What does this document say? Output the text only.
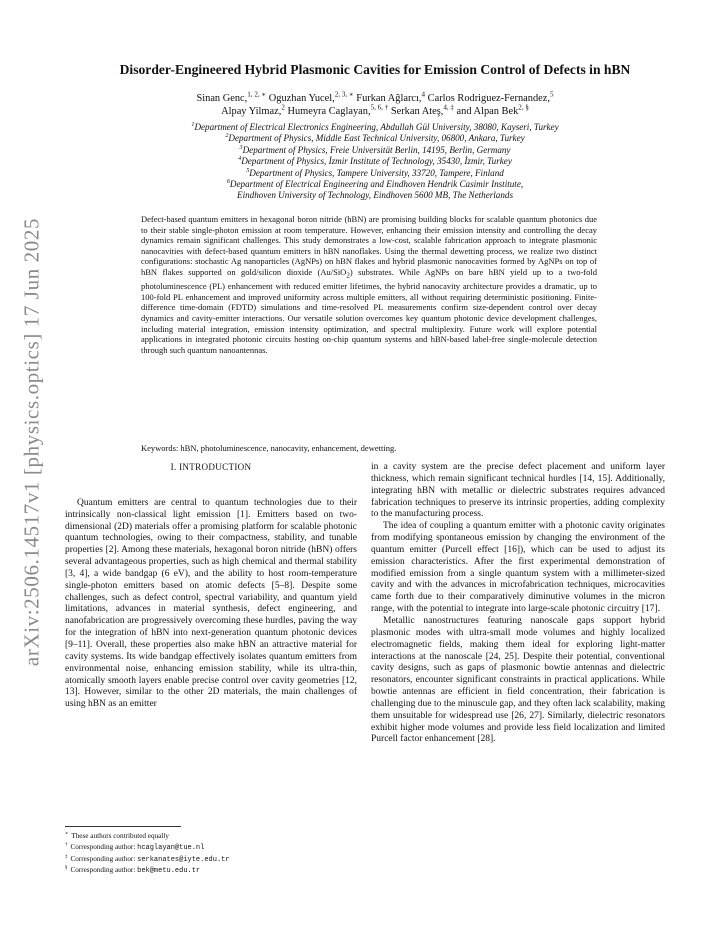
arXiv:2506.14517v1 [physics.optics] 17 Jun 2025
Disorder-Engineered Hybrid Plasmonic Cavities for Emission Control of Defects in hBN
Sinan Genc,$^{1, 2, ∗}$ Oguzhan Yucel,$^{2, 3, ∗}$ Furkan Ağlarcı,$^4$ Carlos Rodriguez-Fernandez,$^5$
Alpay Yilmaz,$^2$ Humeyra Caglayan,$^{5, 6, \dagger}$ Serkan Ateş,$^{4, \ddagger}$ and Alpan Bek$^{2, \S}$
$^1$Department of Electrical Electronics Engineering, Abdullah Gül University, 38080, Kayseri, Turkey
$^2$Department of Physics, Middle East Technical University, 06800, Ankara, Turkey
$^3$Department of Physics, Freie Universität Berlin, 14195, Berlin, Germany
$^4$Department of Physics, İzmir Institute of Technology, 35430, İzmir, Turkey
$^5$Department of Physics, Tampere University, 33720, Tampere, Finland
$^6$Department of Electrical Engineering and Eindhoven Hendrik Casimir Institute,
Eindhoven University of Technology, Eindhoven 5600 MB, The Netherlands
Defect-based quantum emitters in hexagonal boron nitride (hBN) are promising building blocks for scalable quantum photonics due to their stable single-photon emission at room temperature. However, enhancing their emission intensity and controlling the decay dynamics remain significant challenges. This study demonstrates a low-cost, scalable fabrication approach to integrate plasmonic nanocavities with defect-based quantum emitters in hBN nanoflakes. Using the thermal dewetting process, we realize two distinct configurations: stochastic Ag nanoparticles (AgNPs) on hBN flakes and hybrid plasmonic nanocavities formed by AgNPs on top of hBN flakes supported on gold/silicon dioxide (Au/SiO$_2$) substrates. While AgNPs on bare hBN yield up to a two-fold photoluminescence (PL) enhancement with reduced emitter lifetimes, the hybrid nanocavity architecture provides a dramatic, up to 100-fold PL enhancement and improved uniformity across multiple emitters, all without requiring deterministic positioning. Finite-difference time-domain (FDTD) simulations and time-resolved PL measurements confirm size-dependent control over decay dynamics and cavity-emitter interactions. Our versatile solution overcomes key quantum photonic device development challenges, including material integration, emission intensity optimization, and spectral multiplexity. Future work will explore potential applications in integrated photonic circuits hosting on-chip quantum systems and hBN-based label-free single-molecule detection through such quantum nanoantennas.
Keywords: hBN, photoluminescence, nanocavity, enhancement, dewetting.
I. INTRODUCTION

Quantum emitters are central to quantum technologies due to their intrinsically non-classical light emission [1]. Emitters based on two-dimensional (2D) materials offer a promising platform for scalable photonic quantum technologies, owing to their compactness, stability, and tunable properties [2]. Among these materials, hexagonal boron nitride (hBN) offers several advantageous properties, such as high chemical and thermal stability [3, 4], a wide bandgap (6 eV), and the ability to host room-temperature single-photon emitters based on atomic defects [5–8]. Despite some challenges, such as defect control, spectral variability, and quantum yield limitations, advances in material synthesis, defect engineering, and nanofabrication are progressively overcoming these hurdles, paving the way for the integration of hBN into next-generation quantum photonic devices [9–11]. Overall, these properties also make hBN an attractive material for cavity systems. Its wide bandgap effectively isolates quantum emitters from environmental noise, enhancing emission stability, while its ultra-thin, atomically smooth layers enable precise control over cavity geometries [12, 13]. However, similar to the other 2D materials, the main challenges of using hBN as an emitter

in a cavity system are the precise defect placement and uniform layer thickness, which remain significant technical hurdles [14, 15]. Additionally, integrating hBN with metallic or dielectric substrates requires advanced fabrication techniques to preserve its intrinsic properties, adding complexity to the manufacturing process.

The idea of coupling a quantum emitter with a photonic cavity originates from modifying spontaneous emission by changing the environment of the quantum emitter (Purcell effect [16]), which can be used to adjust its emission characteristics. After the first experimental demonstration of modified emission from a single quantum system with a millimeter-sized cavity and with the advances in microfabrication techniques, microcavities came forth due to their comparatively diminutive volumes in the micron range, with the potential to integrate into large-scale photonic circuitry [17].

Metallic nanostructures featuring nanoscale gaps support hybrid plasmonic modes with ultra-small mode volumes and highly localized electromagnetic fields, making them ideal for exploring light-matter interactions at the nanoscale [24, 25]. Despite their potential, conventional cavity designs, such as gaps of plasmonic bowtie antennas and dielectric resonators, encounter significant constraints in practical applications. While bowtie antennas are efficient in field concentration, their fabrication is challenging due to the minuscule gap, and they often lack scalability, making them unsuitable for widespread use [26, 27]. Similarly, dielectric resonators exhibit higher mode volumes and provide less field localization and limited Purcell factor enhancement [28].

∗ These authors contributed equally
† Corresponding author: hcaglayan@tue.nl
‡ Corresponding author: serkanates@iyte.edu.tr
§ Corresponding author: bek@metu.edu.tr
